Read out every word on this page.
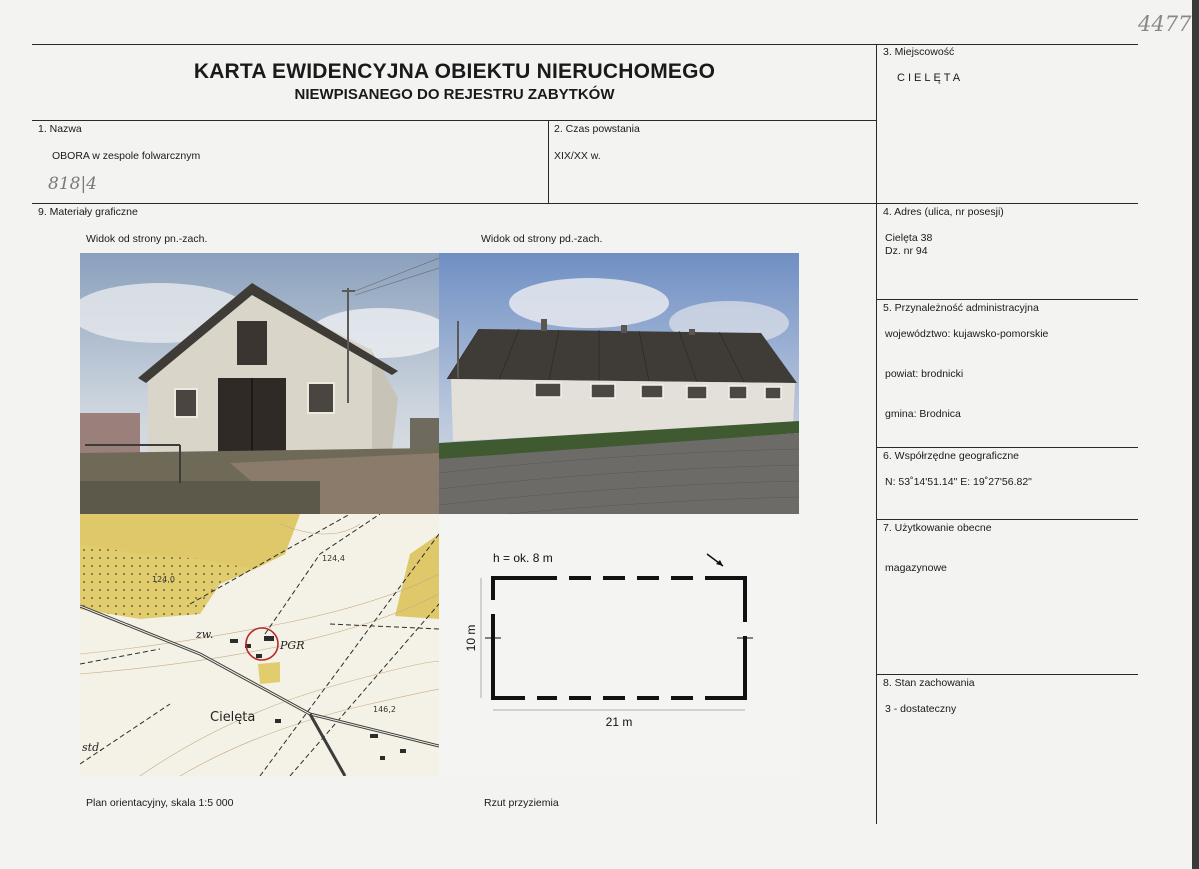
4477
KARTA EWIDENCYJNA OBIEKTU NIERUCHOMEGO
NIEWPISANEGO DO REJESTRU ZABYTKÓW
1. Nazwa
OBORA w zespole folwarcznym
818|4
2. Czas powstania
XIX/XX w.
3. Miejscowość
CIELĘTA
4. Adres (ulica, nr posesji)
Cielęta 38
Dz. nr 94
5. Przynależność administracyjna
województwo: kujawsko-pomorskie
powiat: brodnicki
gmina: Brodnica
6. Współrzędne geograficzne
N: 53˚14'51.14" E: 19˚27'56.82"
7. Użytkowanie obecne
magazynowe
8. Stan zachowania
3 - dostateczny
9. Materiały graficzne
Widok od strony pn.-zach.	Widok od strony pd.-zach.
Plan orientacyjny, skala 1:5 000	Rzut przyziemia
124,4
124,0
146,2
zw.
PGR
Cielęta
std.
h = ok. 8 m
21 m
10 m
